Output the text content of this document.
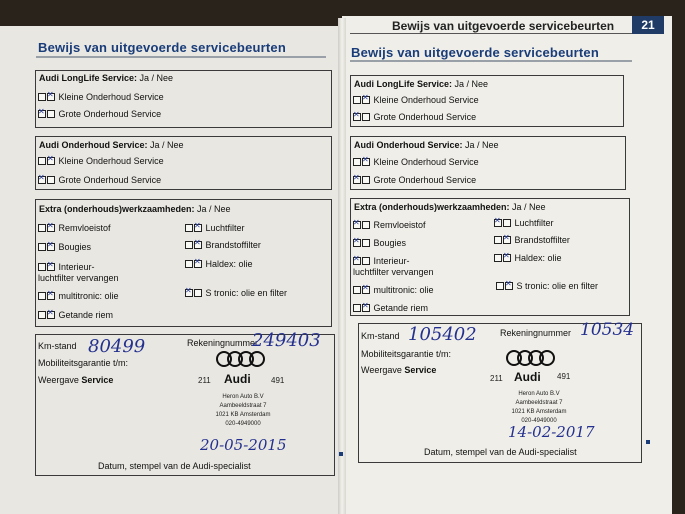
Bewijs van uitgevoerde servicebeurten	21
Bewijs van uitgevoerde servicebeurten
Audi LongLife Service: Ja / Nee
✕ Kleine Onderhoud Service
✕ Grote Onderhoud Service
Audi Onderhoud Service: Ja / Nee
✕ Kleine Onderhoud Service
✕ Grote Onderhoud Service
Extra (onderhouds)werkzaamheden: Ja / Nee
✕ Remvloeistof
✕ Bougies
✕ Interieur-
luchtfilter vervangen
✕ multitronic: olie
✕ Getande riem
✕ Luchtfilter
✕ Brandstoffilter
✕ Haldex: olie
✕ S tronic: olie en filter
Km-stand 80499	Rekeningnummer
249403
Mobiliteitsgarantie t/m:
Weergave Service	211 Audi	491
Heron Auto B.V
Aambeeldstraat 7
1021 KB Amsterdam
020-4949000
20-05-2015
Datum, stempel van de Audi-specialist
Bewijs van uitgevoerde servicebeurten
Audi LongLife Service: Ja / Nee
✕ Kleine Onderhoud Service
✕ Grote Onderhoud Service
Audi Onderhoud Service: Ja / Nee
✕ Kleine Onderhoud Service
✕ Grote Onderhoud Service
Extra (onderhouds)werkzaamheden: Ja / Nee
✕ Remvloeistof
✕ Bougies
✕ Interieur-
luchtfilter vervangen
✕ multitronic: olie
✕ Getande riem
✕ Luchtfilter
✕ Brandstoffilter
✕ Haldex: olie
✕ S tronic: olie en filter
Km-stand 105402	Rekeningnummer 10534
Mobiliteitsgarantie t/m:
Weergave Service
211 Audi 491
Heron Auto B.V
Aambeeldstraat 7
1021 KB Amsterdam
020-4949000
14-02-2017
Datum, stempel van de Audi-specialist
